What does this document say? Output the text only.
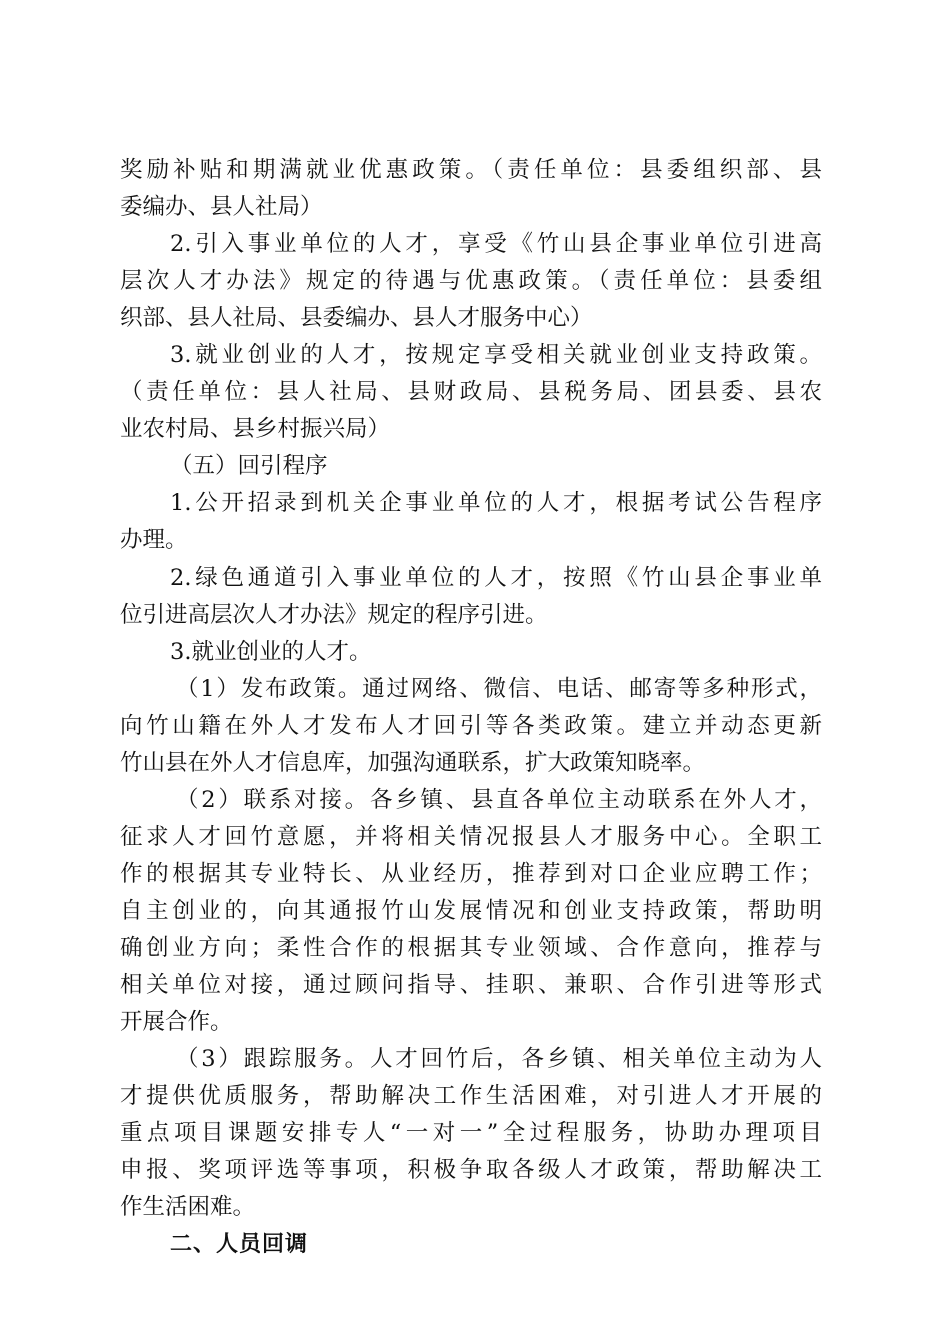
奖励补贴和期满就业优惠政策。（责任单位：县委组织部、县
委编办、县人社局）
2.引入事业单位的人才，享受《竹山县企事业单位引进高
层次人才办法》规定的待遇与优惠政策。（责任单位：县委组
织部、县人社局、县委编办、县人才服务中心）
3.就业创业的人才，按规定享受相关就业创业支持政策。
（责任单位：县人社局、县财政局、县税务局、团县委、县农
业农村局、县乡村振兴局）
（五）回引程序
1.公开招录到机关企事业单位的人才，根据考试公告程序
办理。
2.绿色通道引入事业单位的人才，按照《竹山县企事业单
位引进高层次人才办法》规定的程序引进。
3.就业创业的人才。
（1）发布政策。通过网络、微信、电话、邮寄等多种形式，
向竹山籍在外人才发布人才回引等各类政策。建立并动态更新
竹山县在外人才信息库，加强沟通联系，扩大政策知晓率。
（2）联系对接。各乡镇、县直各单位主动联系在外人才，
征求人才回竹意愿，并将相关情况报县人才服务中心。全职工
作的根据其专业特长、从业经历，推荐到对口企业应聘工作；
自主创业的，向其通报竹山发展情况和创业支持政策，帮助明
确创业方向；柔性合作的根据其专业领域、合作意向，推荐与
相关单位对接，通过顾问指导、挂职、兼职、合作引进等形式
开展合作。
（3）跟踪服务。人才回竹后，各乡镇、相关单位主动为人
才提供优质服务，帮助解决工作生活困难，对引进人才开展的
重点项目课题安排专人“一对一”全过程服务，协助办理项目
申报、奖项评选等事项，积极争取各级人才政策，帮助解决工
作生活困难。
二、人员回调
